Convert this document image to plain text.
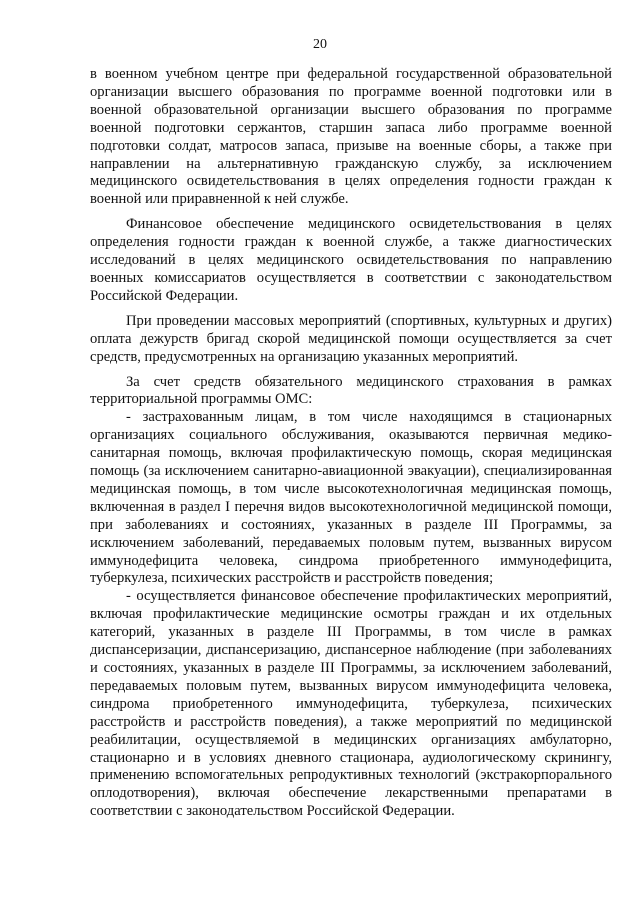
20

в военном учебном центре при федеральной государственной образовательной организации высшего образования по программе военной подготовки или в военной образовательной организации высшего образования по программе военной подготовки сержантов, старшин запаса либо программе военной подготовки солдат, матросов запаса, призыве на военные сборы, а также при направлении на альтернативную гражданскую службу, за исключением медицинского освидетельствования в целях определения годности граждан к военной или приравненной к ней службе.

Финансовое обеспечение медицинского освидетельствования в целях определения годности граждан к военной службе, а также диагностических исследований в целях медицинского освидетельствования по направлению военных комиссариатов осуществляется в соответствии с законодательством Российской Федерации.

При проведении массовых мероприятий (спортивных, культурных и других) оплата дежурств бригад скорой медицинской помощи осуществляется за счет средств, предусмотренных на организацию указанных мероприятий.

За счет средств обязательного медицинского страхования в рамках территориальной программы ОМС:

- застрахованным лицам, в том числе находящимся в стационарных организациях социального обслуживания, оказываются первичная медико-санитарная помощь, включая профилактическую помощь, скорая медицинская помощь (за исключением санитарно-авиационной эвакуации), специализированная медицинская помощь, в том числе высокотехнологичная медицинская помощь, включенная в раздел I перечня видов высокотехнологичной медицинской помощи, при заболеваниях и состояниях, указанных в разделе III Программы, за исключением заболеваний, передаваемых половым путем, вызванных вирусом иммунодефицита человека, синдрома приобретенного иммунодефицита, туберкулеза, психических расстройств и расстройств поведения;

- осуществляется финансовое обеспечение профилактических мероприятий, включая профилактические медицинские осмотры граждан и их отдельных категорий, указанных в разделе III Программы, в том числе в рамках диспансеризации, диспансеризацию, диспансерное наблюдение (при заболеваниях и состояниях, указанных в разделе III Программы, за исключением заболеваний, передаваемых половым путем, вызванных вирусом иммунодефицита человека, синдрома приобретенного иммунодефицита, туберкулеза, психических расстройств и расстройств поведения), а также мероприятий по медицинской реабилитации, осуществляемой в медицинских организациях амбулаторно, стационарно и в условиях дневного стационара, аудиологическому скринингу, применению вспомогательных репродуктивных технологий (экстракорпорального оплодотворения), включая обеспечение лекарственными препаратами в соответствии с законодательством Российской Федерации.
